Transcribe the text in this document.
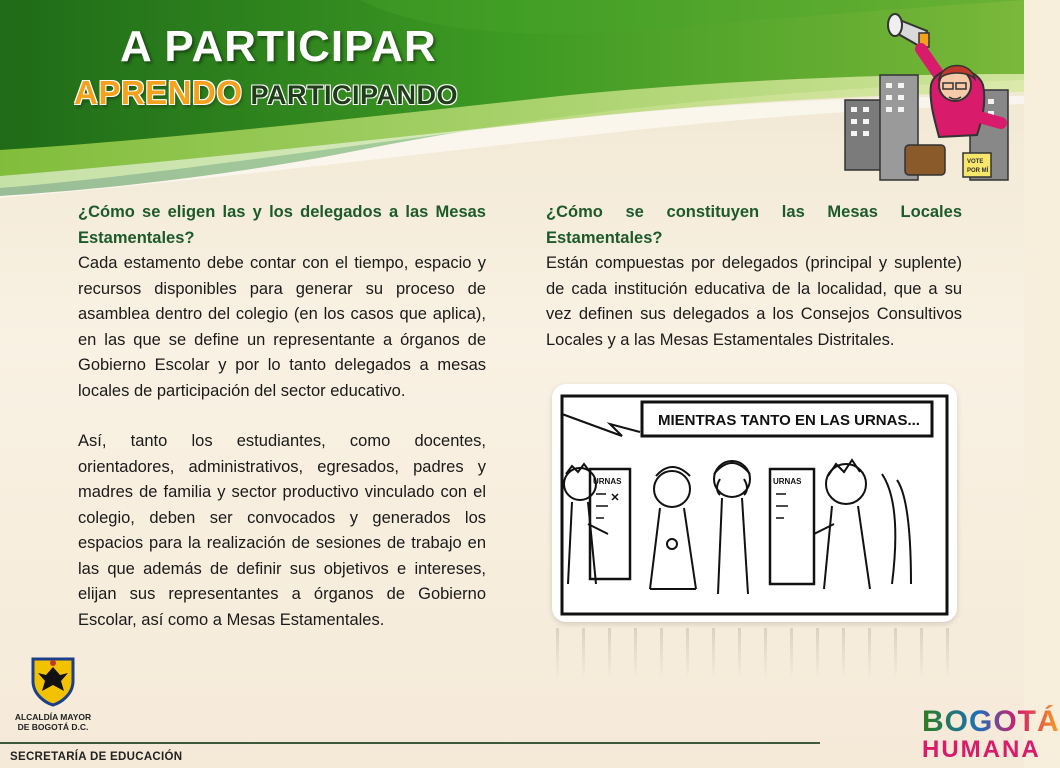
A PARTICIPAR
APRENDO PARTICIPANDO
VOTE
POR MÍ

¿Cómo se eligen las y los delegados a las Mesas Estamentales?

Cada estamento debe contar con el tiempo, espacio y recursos disponibles para generar su proceso de asamblea dentro del colegio (en los casos que aplica), en las que se define un representante a órganos de Gobierno Escolar y por lo tanto delegados a mesas locales de participación del sector educativo.

Así, tanto los estudiantes, como docentes, orientadores, administrativos, egresados, padres y madres de familia y sector productivo vinculado con el colegio, deben ser convocados y generados los espacios para la realización de sesiones de trabajo en las que además de definir sus objetivos e intereses, elijan sus representantes a órganos de Gobierno Escolar, así como a Mesas Estamentales.

¿Cómo se constituyen las Mesas Locales Estamentales?

Están compuestas por delegados (principal y suplente) de cada institución educativa de la localidad, que a su vez definen sus delegados a los Consejos Consultivos Locales y a las Mesas Estamentales Distritales.

MIENTRAS TANTO EN LAS URNAS...
URNAS	URNAS
ALCALDÍA MAYOR
DE BOGOTÁ D.C.
SECRETARÍA DE EDUCACIÓN
BOGOTÁ
HUMANA
